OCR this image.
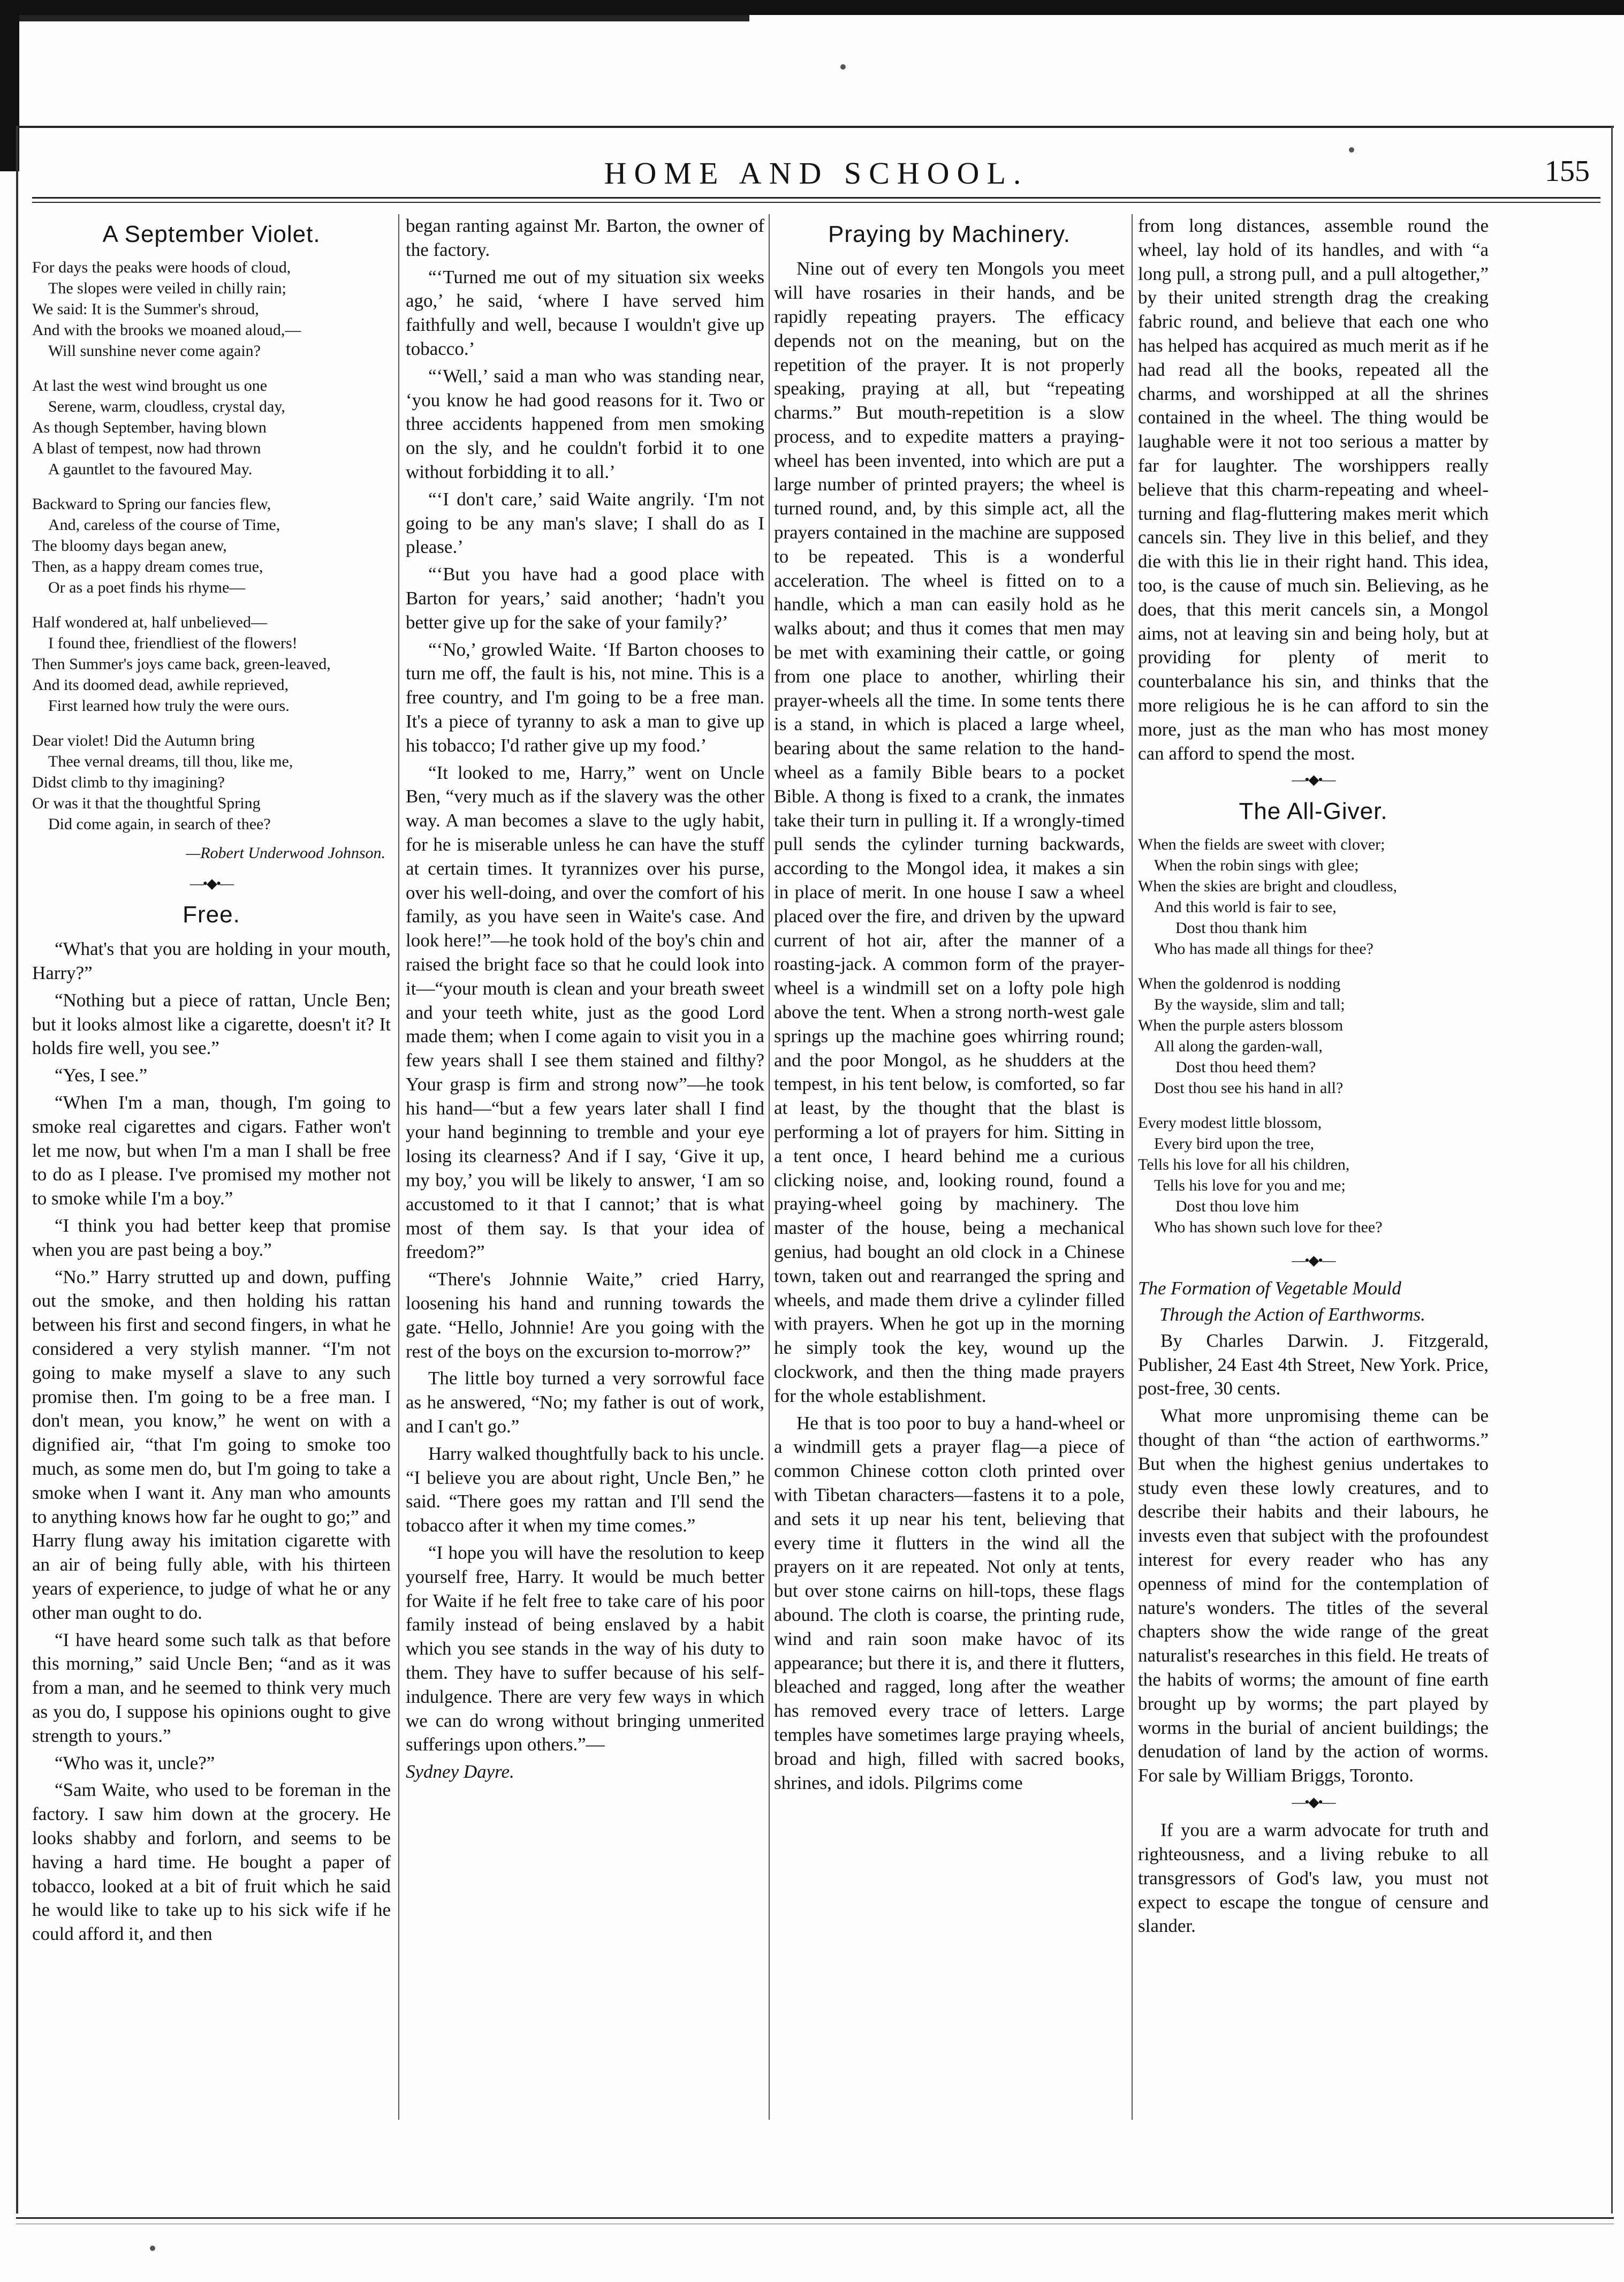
HOME AND SCHOOL.	155
A September Violet.
For days the peaks were hoods of cloud,
The slopes were veiled in chilly rain;
We said: It is the Summer's shroud,
And with the brooks we moaned aloud,—
Will sunshine never come again?
At last the west wind brought us one
Serene, warm, cloudless, crystal day,
As though September, having blown
A blast of tempest, now had thrown
A gauntlet to the favoured May.
Backward to Spring our fancies flew,
And, careless of the course of Time,
The bloomy days began anew,
Then, as a happy dream comes true,
Or as a poet finds his rhyme—
Half wondered at, half unbelieved—
I found thee, friendliest of the flowers!
Then Summer's joys came back, green-leaved,
And its doomed dead, awhile reprieved,
First learned how truly the were ours.
Dear violet! Did the Autumn bring
Thee vernal dreams, till thou, like me,
Didst climb to thy imagining?
Or was it that the thoughtful Spring
Did come again, in search of thee?
—Robert Underwood Johnson.
—•◆•—
Free.

“What's that you are holding in your mouth, Harry?”

“Nothing but a piece of rattan, Uncle Ben; but it looks almost like a cigarette, doesn't it? It holds fire well, you see.”

“Yes, I see.”

“When I'm a man, though, I'm going to smoke real cigarettes and cigars. Father won't let me now, but when I'm a man I shall be free to do as I please. I've promised my mother not to smoke while I'm a boy.”

“I think you had better keep that promise when you are past being a boy.”

“No.” Harry strutted up and down, puffing out the smoke, and then holding his rattan between his first and second fingers, in what he considered a very stylish manner. “I'm not going to make myself a slave to any such promise then. I'm going to be a free man. I don't mean, you know,” he went on with a dignified air, “that I'm going to smoke too much, as some men do, but I'm going to take a smoke when I want it. Any man who amounts to anything knows how far he ought to go;” and Harry flung away his imitation cigarette with an air of being fully able, with his thirteen years of experience, to judge of what he or any other man ought to do.

“I have heard some such talk as that before this morning,” said Uncle Ben; “and as it was from a man, and he seemed to think very much as you do, I suppose his opinions ought to give strength to yours.”

“Who was it, uncle?”

“Sam Waite, who used to be foreman in the factory. I saw him down at the grocery. He looks shabby and forlorn, and seems to be having a hard time. He bought a paper of tobacco, looked at a bit of fruit which he said he would like to take up to his sick wife if he could afford it, and then

began ranting against Mr. Barton, the owner of the factory.

“‘Turned me out of my situation six weeks ago,’ he said, ‘where I have served him faithfully and well, because I wouldn't give up tobacco.’

“‘Well,’ said a man who was standing near, ‘you know he had good reasons for it. Two or three accidents happened from men smoking on the sly, and he couldn't forbid it to one without forbidding it to all.’

“‘I don't care,’ said Waite angrily. ‘I'm not going to be any man's slave; I shall do as I please.’

“‘But you have had a good place with Barton for years,’ said another; ‘hadn't you better give up for the sake of your family?’

“‘No,’ growled Waite. ‘If Barton chooses to turn me off, the fault is his, not mine. This is a free country, and I'm going to be a free man. It's a piece of tyranny to ask a man to give up his tobacco; I'd rather give up my food.’

“It looked to me, Harry,” went on Uncle Ben, “very much as if the slavery was the other way. A man becomes a slave to the ugly habit, for he is miserable unless he can have the stuff at certain times. It tyrannizes over his purse, over his well-doing, and over the comfort of his family, as you have seen in Waite's case. And look here!”—he took hold of the boy's chin and raised the bright face so that he could look into it—“your mouth is clean and your breath sweet and your teeth white, just as the good Lord made them; when I come again to visit you in a few years shall I see them stained and filthy? Your grasp is firm and strong now”—he took his hand—“but a few years later shall I find your hand beginning to tremble and your eye losing its clearness? And if I say, ‘Give it up, my boy,’ you will be likely to answer, ‘I am so accustomed to it that I cannot;’ that is what most of them say. Is that your idea of freedom?”

“There's Johnnie Waite,” cried Harry, loosening his hand and running towards the gate. “Hello, Johnnie! Are you going with the rest of the boys on the excursion to-morrow?”

The little boy turned a very sorrowful face as he answered, “No; my father is out of work, and I can't go.”

Harry walked thoughtfully back to his uncle. “I believe you are about right, Uncle Ben,” he said. “There goes my rattan and I'll send the tobacco after it when my time comes.”

“I hope you will have the resolution to keep yourself free, Harry. It would be much better for Waite if he felt free to take care of his poor family instead of being enslaved by a habit which you see stands in the way of his duty to them. They have to suffer because of his self-indulgence. There are very few ways in which we can do wrong without bringing unmerited sufferings upon others.”—

Sydney Dayre.

Praying by Machinery.

Nine out of every ten Mongols you meet will have rosaries in their hands, and be rapidly repeating prayers. The efficacy depends not on the meaning, but on the repetition of the prayer. It is not properly speaking, praying at all, but “repeating charms.” But mouth-repetition is a slow process, and to expedite matters a praying-wheel has been invented, into which are put a large number of printed prayers; the wheel is turned round, and, by this simple act, all the prayers contained in the machine are supposed to be repeated. This is a wonderful acceleration. The wheel is fitted on to a handle, which a man can easily hold as he walks about; and thus it comes that men may be met with examining their cattle, or going from one place to another, whirling their prayer-wheels all the time. In some tents there is a stand, in which is placed a large wheel, bearing about the same relation to the hand-wheel as a family Bible bears to a pocket Bible. A thong is fixed to a crank, the inmates take their turn in pulling it. If a wrongly-timed pull sends the cylinder turning backwards, according to the Mongol idea, it makes a sin in place of merit. In one house I saw a wheel placed over the fire, and driven by the upward current of hot air, after the manner of a roasting-jack. A common form of the prayer-wheel is a windmill set on a lofty pole high above the tent. When a strong north-west gale springs up the machine goes whirring round; and the poor Mongol, as he shudders at the tempest, in his tent below, is comforted, so far at least, by the thought that the blast is performing a lot of prayers for him. Sitting in a tent once, I heard behind me a curious clicking noise, and, looking round, found a praying-wheel going by machinery. The master of the house, being a mechanical genius, had bought an old clock in a Chinese town, taken out and rearranged the spring and wheels, and made them drive a cylinder filled with prayers. When he got up in the morning he simply took the key, wound up the clockwork, and then the thing made prayers for the whole establishment.

He that is too poor to buy a hand-wheel or a windmill gets a prayer flag—a piece of common Chinese cotton cloth printed over with Tibetan characters—fastens it to a pole, and sets it up near his tent, believing that every time it flutters in the wind all the prayers on it are repeated. Not only at tents, but over stone cairns on hill-tops, these flags abound. The cloth is coarse, the printing rude, wind and rain soon make havoc of its appearance; but there it is, and there it flutters, bleached and ragged, long after the weather has removed every trace of letters. Large temples have sometimes large praying wheels, broad and high, filled with sacred books, shrines, and idols. Pilgrims come

from long distances, assemble round the wheel, lay hold of its handles, and with “a long pull, a strong pull, and a pull altogether,” by their united strength drag the creaking fabric round, and believe that each one who has helped has acquired as much merit as if he had read all the books, repeated all the charms, and worshipped at all the shrines contained in the wheel. The thing would be laughable were it not too serious a matter by far for laughter. The worshippers really believe that this charm-repeating and wheel-turning and flag-fluttering makes merit which cancels sin. They live in this belief, and they die with this lie in their right hand. This idea, too, is the cause of much sin. Believing, as he does, that this merit cancels sin, a Mongol aims, not at leaving sin and being holy, but at providing for plenty of merit to counterbalance his sin, and thinks that the more religious he is he can afford to sin the more, just as the man who has most money can afford to spend the most.

—•◆•—
The All-Giver.
When the fields are sweet with clover;
When the robin sings with glee;
When the skies are bright and cloudless,
And this world is fair to see,
Dost thou thank him
Who has made all things for thee?
When the goldenrod is nodding
By the wayside, slim and tall;
When the purple asters blossom
All along the garden-wall,
Dost thou heed them?
Dost thou see his hand in all?
Every modest little blossom,
Every bird upon the tree,
Tells his love for all his children,
Tells his love for you and me;
Dost thou love him
Who has shown such love for thee?
—•◆•—
The Formation of Vegetable Mould
Through the Action of Earthworms.

By Charles Darwin. J. Fitzgerald, Publisher, 24 East 4th Street, New York. Price, post-free, 30 cents.

What more unpromising theme can be thought of than “the action of earthworms.” But when the highest genius undertakes to study even these lowly creatures, and to describe their habits and their labours, he invests even that subject with the profoundest interest for every reader who has any openness of mind for the contemplation of nature's wonders. The titles of the several chapters show the wide range of the great naturalist's researches in this field. He treats of the habits of worms; the amount of fine earth brought up by worms; the part played by worms in the burial of ancient buildings; the denudation of land by the action of worms. For sale by William Briggs, Toronto.

—•◆•—

If you are a warm advocate for truth and righteousness, and a living rebuke to all transgressors of God's law, you must not expect to escape the tongue of censure and slander.
